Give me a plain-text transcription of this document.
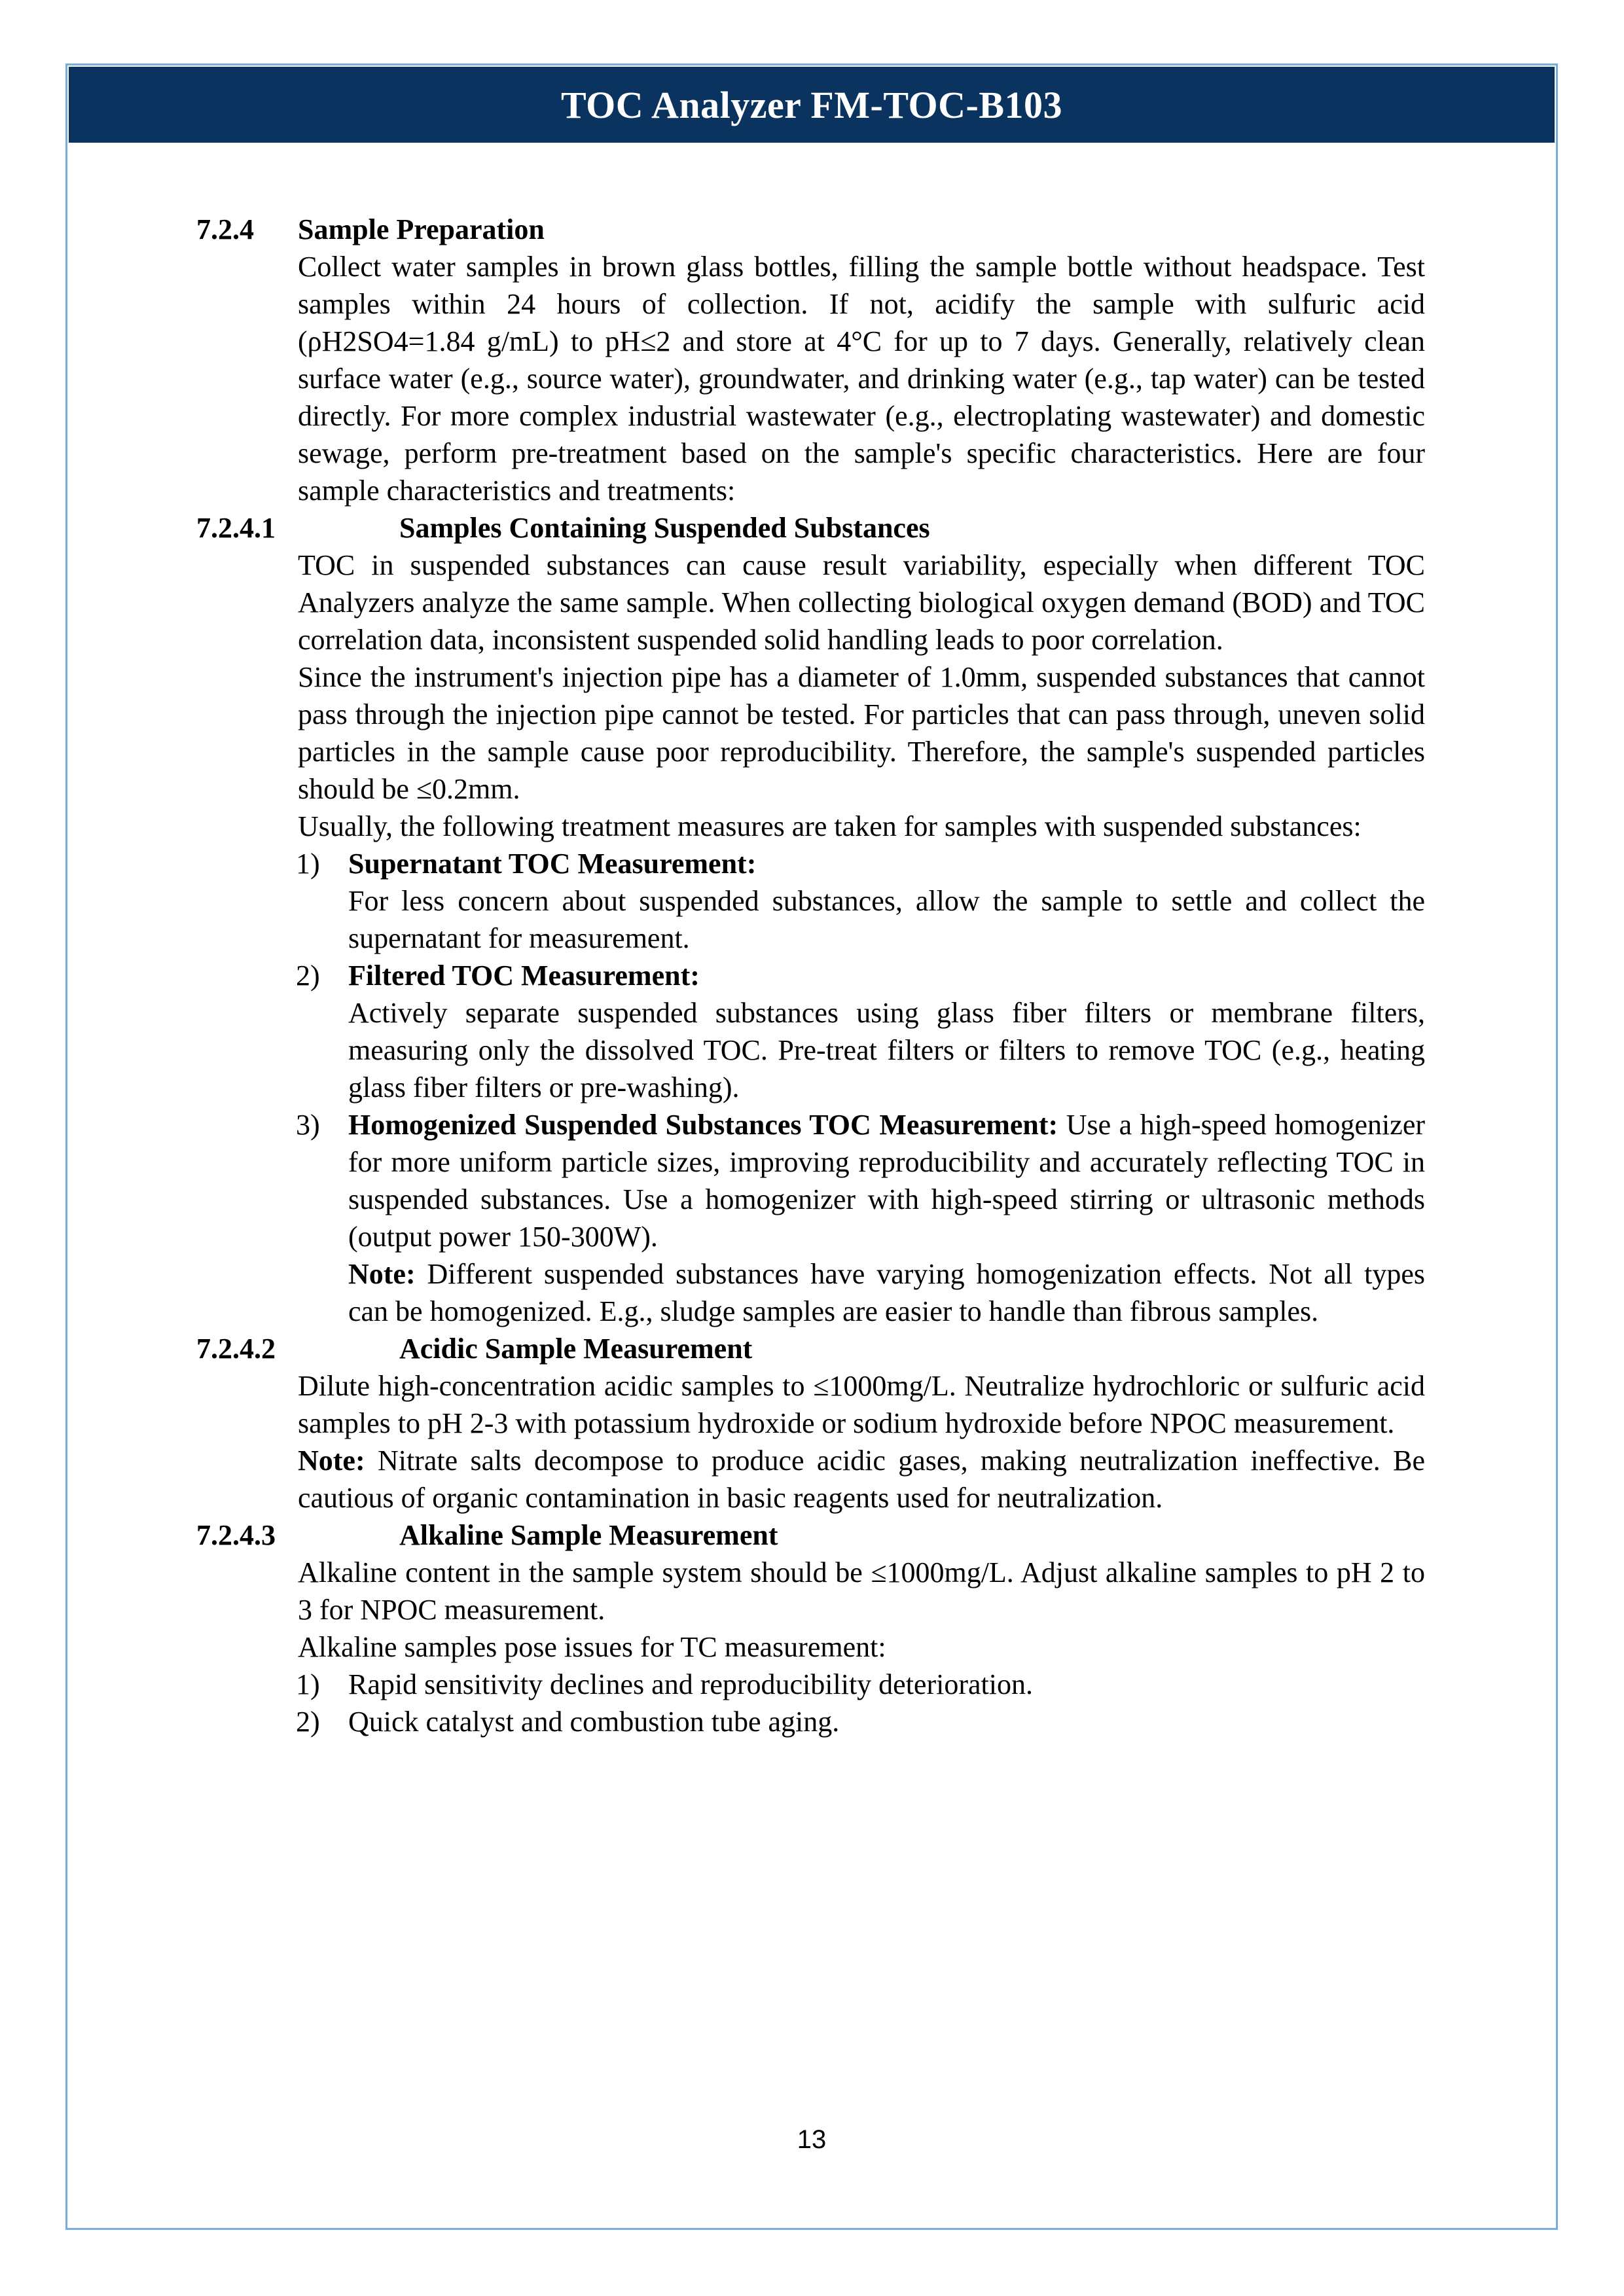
TOC Analyzer FM-TOC-B103
7.2.4 Sample Preparation
Collect water samples in brown glass bottles, filling the sample bottle without headspace. Test samples within 24 hours of collection. If not, acidify the sample with sulfuric acid (ρH2SO4=1.84 g/mL) to pH≤2 and store at 4°C for up to 7 days. Generally, relatively clean surface water (e.g., source water), groundwater, and drinking water (e.g., tap water) can be tested directly. For more complex industrial wastewater (e.g., electroplating wastewater) and domestic sewage, perform pre-treatment based on the sample's specific characteristics. Here are four sample characteristics and treatments:
7.2.4.1	Samples Containing Suspended Substances
TOC in suspended substances can cause result variability, especially when different TOC Analyzers analyze the same sample. When collecting biological oxygen demand (BOD) and TOC correlation data, inconsistent suspended solid handling leads to poor correlation.
Since the instrument's injection pipe has a diameter of 1.0mm, suspended substances that cannot pass through the injection pipe cannot be tested. For particles that can pass through, uneven solid particles in the sample cause poor reproducibility. Therefore, the sample's suspended particles should be ≤0.2mm.
Usually, the following treatment measures are taken for samples with suspended substances:
1) Supernatant TOC Measurement:
For less concern about suspended substances, allow the sample to settle and collect the supernatant for measurement.
2) Filtered TOC Measurement:
Actively separate suspended substances using glass fiber filters or membrane filters, measuring only the dissolved TOC. Pre-treat filters or filters to remove TOC (e.g., heating glass fiber filters or pre-washing).
3) Homogenized Suspended Substances TOC Measurement: Use a high-speed homogenizer for more uniform particle sizes, improving reproducibility and accurately reflecting TOC in suspended substances. Use a homogenizer with high-speed stirring or ultrasonic methods (output power 150-300W).
Note: Different suspended substances have varying homogenization effects. Not all types can be homogenized. E.g., sludge samples are easier to handle than fibrous samples.
7.2.4.2	Acidic Sample Measurement
Dilute high-concentration acidic samples to ≤1000mg/L. Neutralize hydrochloric or sulfuric acid samples to pH 2-3 with potassium hydroxide or sodium hydroxide before NPOC measurement.
Note: Nitrate salts decompose to produce acidic gases, making neutralization ineffective. Be cautious of organic contamination in basic reagents used for neutralization.
7.2.4.3	Alkaline Sample Measurement
Alkaline content in the sample system should be ≤1000mg/L. Adjust alkaline samples to pH 2 to 3 for NPOC measurement.
Alkaline samples pose issues for TC measurement:
1) Rapid sensitivity declines and reproducibility deterioration.
2) Quick catalyst and combustion tube aging.
13
